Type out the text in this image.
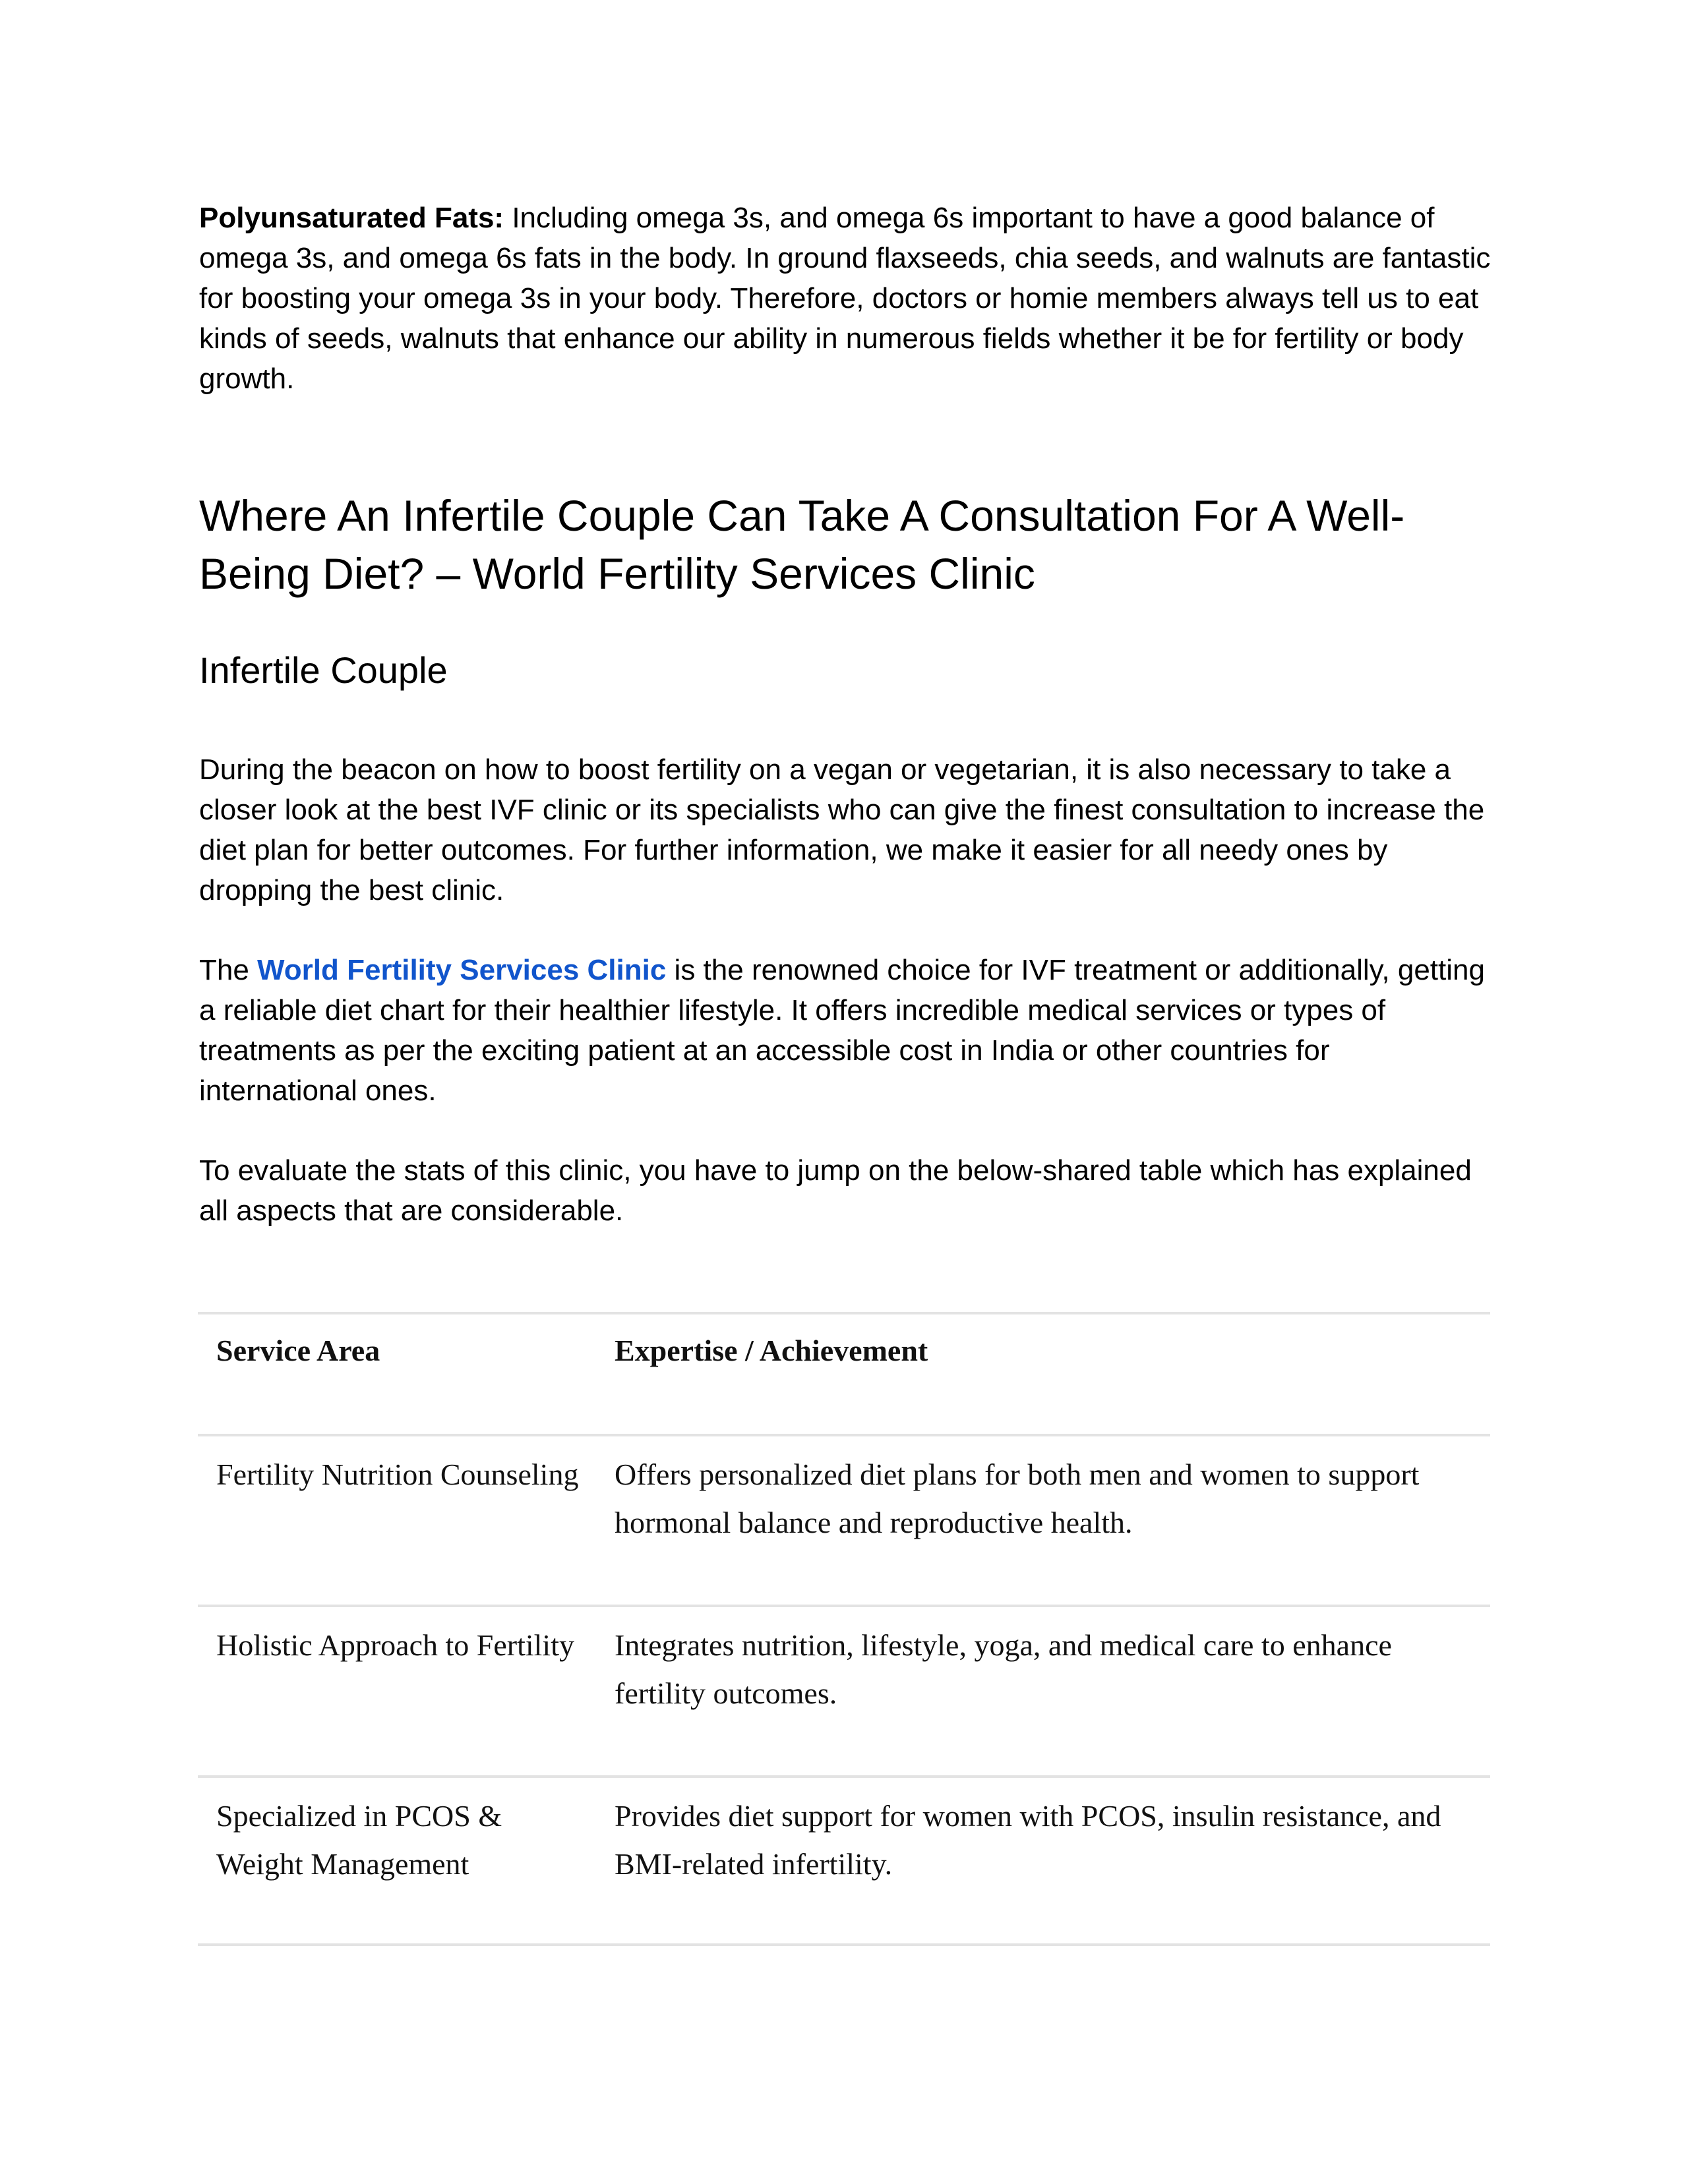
Polyunsaturated Fats: Including omega 3s, and omega 6s important to have a good balance of omega 3s, and omega 6s fats in the body. In ground flaxseeds, chia seeds, and walnuts are fantastic for boosting your omega 3s in your body. Therefore, doctors or homie members always tell us to eat kinds of seeds, walnuts that enhance our ability in numerous fields whether it be for fertility or body growth.

Where An Infertile Couple Can Take A Consultation For A Well-Being Diet? – World Fertility Services Clinic
Infertile Couple

During the beacon on how to boost fertility on a vegan or vegetarian, it is also necessary to take a closer look at the best IVF clinic or its specialists who can give the finest consultation to increase the diet plan for better outcomes. For further information, we make it easier for all needy ones by dropping the best clinic.

The World Fertility Services Clinic is the renowned choice for IVF treatment or additionally, getting a reliable diet chart for their healthier lifestyle. It offers incredible medical services or types of treatments as per the exciting patient at an accessible cost in India or other countries for international ones.

To evaluate the stats of this clinic, you have to jump on the below-shared table which has explained all aspects that are considerable.

Service Area	Expertise / Achievement
Fertility Nutrition Counseling Offers personalized diet plans for both men and women to support hormonal balance and reproductive health.
Holistic Approach to Fertility	Integrates nutrition, lifestyle, yoga, and medical care to enhance fertility outcomes.
Specialized in PCOS & Weight Management
Provides diet support for women with PCOS, insulin resistance, and BMI-related infertility.
